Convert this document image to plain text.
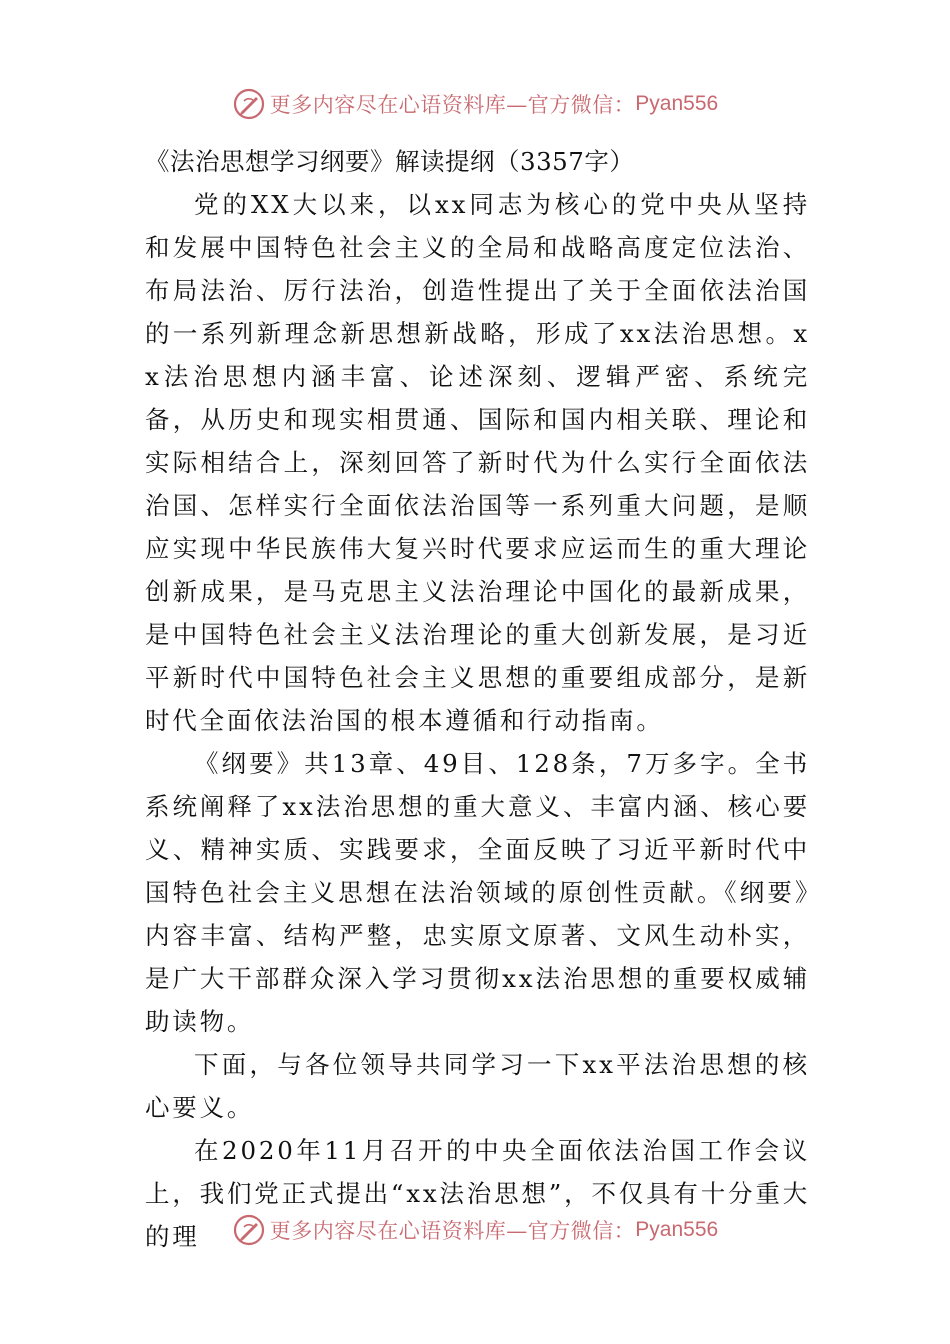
更多内容尽在心语资料库—官方微信： Pyan556

《法治思想学习纲要》解读提纲（3357字）

党的XX大以来，以xx同志为核心的党中央从坚持和发展中国特色社会主义的全局和战略高度定位法治、布局法治、厉行法治，创造性提出了关于全面依法治国的一系列新理念新思想新战略，形成了xx法治思想。xx法治思想内涵丰富、论述深刻、逻辑严密、系统完备，从历史和现实相贯通、国际和国内相关联、理论和实际相结合上，深刻回答了新时代为什么实行全面依法治国、怎样实行全面依法治国等一系列重大问题，是顺应实现中华民族伟大复兴时代要求应运而生的重大理论创新成果，是马克思主义法治理论中国化的最新成果，是中国特色社会主义法治理论的重大创新发展，是习近平新时代中国特色社会主义思想的重要组成部分，是新时代全面依法治国的根本遵循和行动指南。

《纲要》共13章、49目、128条，7万多字。全书系统阐释了xx法治思想的重大意义、丰富内涵、核心要义、精神实质、实践要求，全面反映了习近平新时代中国特色社会主义思想在法治领域的原创性贡献。《纲要》内容丰富、结构严整，忠实原文原著、文风生动朴实，是广大干部群众深入学习贯彻xx法治思想的重要权威辅助读物。

下面，与各位领导共同学习一下xx平法治思想的核心要义。

在2020年11月召开的中央全面依法治国工作会议上，我们党正式提出“xx法治思想”，不仅具有十分重大的理	更多内容尽在心语资料库—官方微信： Pyan556
